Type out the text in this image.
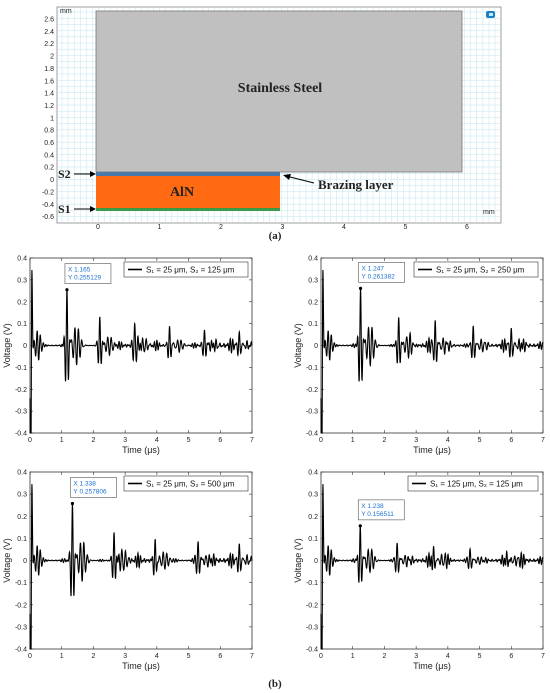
mm
mm
2.6
2.4
2.2
2
1.8
1.6
1.4
1.2
1
0.8
0.6
0.4
0.2
0
-0.2
-0.4
-0.6
0	1	2	3	4	5	6
Stainless Steel
AlN
Brazing layer
S2
S1
(a)
0.4
0.3
0.2
0.1
0
-0.1
-0.2
-0.3
-0.4
0	1	2	3	4	5	6	7
Time (μs)
Voltage (V)
X 1.165
Y 0.255129
S₁ = 25 μm, S₂ = 125 μm
0.4
0.3
0.2
0.1
0
-0.1
-0.2
-0.3
-0.4
0	1	2	3	4	5	6	7
Time (μs)
Voltage (V)
X 1.247
Y 0.261382
S₁ = 25 μm, S₂ = 250 μm
0.4
0.3
0.2
0.1
0
-0.1
-0.2
-0.3
-0.4
0	1	2	3	4	5	6	7
Time (μs)
Voltage (V)
X 1.338
Y 0.257806
S₁ = 25 μm, S₂ = 500 μm
0.4
0.3
0.2
0.1
0
-0.1
-0.2
-0.3
-0.4
0	1	2	3	4	5	6	7
Time (μs)
Voltage (V)
X 1.238
Y 0.156511
S₁ = 125 μm, S₂ = 125 μm
(b)
